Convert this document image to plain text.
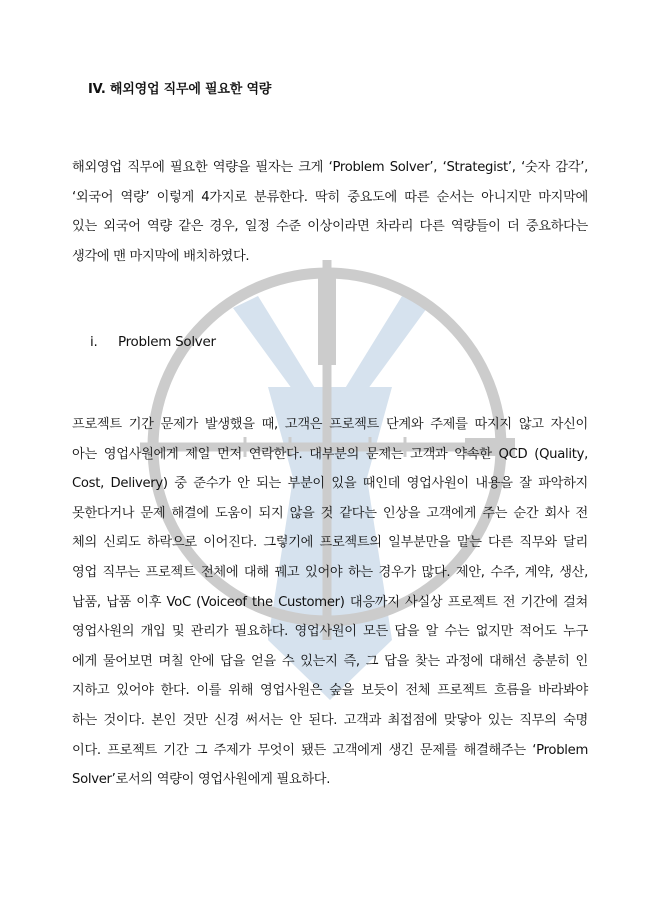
IV. 해외영업 직무에 필요한 역량
해외영업 직무에 필요한 역량을 필자는 크게 ‘Problem Solver’, ‘Strategist’, ‘숫자 감각’,
‘외국어 역량’ 이렇게 4가지로 분류한다. 딱히 중요도에 따른 순서는 아니지만 마지막에
있는 외국어 역량 같은 경우, 일정 수준 이상이라면 차라리 다른 역량들이 더 중요하다는
생각에 맨 마지막에 배치하였다.
i. Problem Solver
프로젝트 기간 문제가 발생했을 때, 고객은 프로젝트 단계와 주제를 따지지 않고 자신이
아는 영업사원에게 제일 먼저 연락한다. 대부분의 문제는 고객과 약속한 QCD (Quality,
Cost, Delivery) 중 준수가 안 되는 부분이 있을 때인데 영업사원이 내용을 잘 파악하지
못한다거나 문제 해결에 도움이 되지 않을 것 같다는 인상을 고객에게 주는 순간 회사 전
체의 신뢰도 하락으로 이어진다. 그렇기에 프로젝트의 일부분만을 맡는 다른 직무와 달리
영업 직무는 프로젝트 전체에 대해 꿰고 있어야 하는 경우가 많다. 제안, 수주, 계약, 생산,
납품, 납품 이후 VoC (Voiceof the Customer) 대응까지 사실상 프로젝트 전 기간에 걸쳐
영업사원의 개입 및 관리가 필요하다. 영업사원이 모든 답을 알 수는 없지만 적어도 누구
에게 물어보면 며칠 안에 답을 얻을 수 있는지 즉, 그 답을 찾는 과정에 대해선 충분히 인
지하고 있어야 한다. 이를 위해 영업사원은 숲을 보듯이 전체 프로젝트 흐름을 바라봐야
하는 것이다. 본인 것만 신경 써서는 안 된다. 고객과 최접점에 맞닿아 있는 직무의 숙명
이다. 프로젝트 기간 그 주제가 무엇이 됐든 고객에게 생긴 문제를 해결해주는 ‘Problem
Solver’로서의 역량이 영업사원에게 필요하다.
